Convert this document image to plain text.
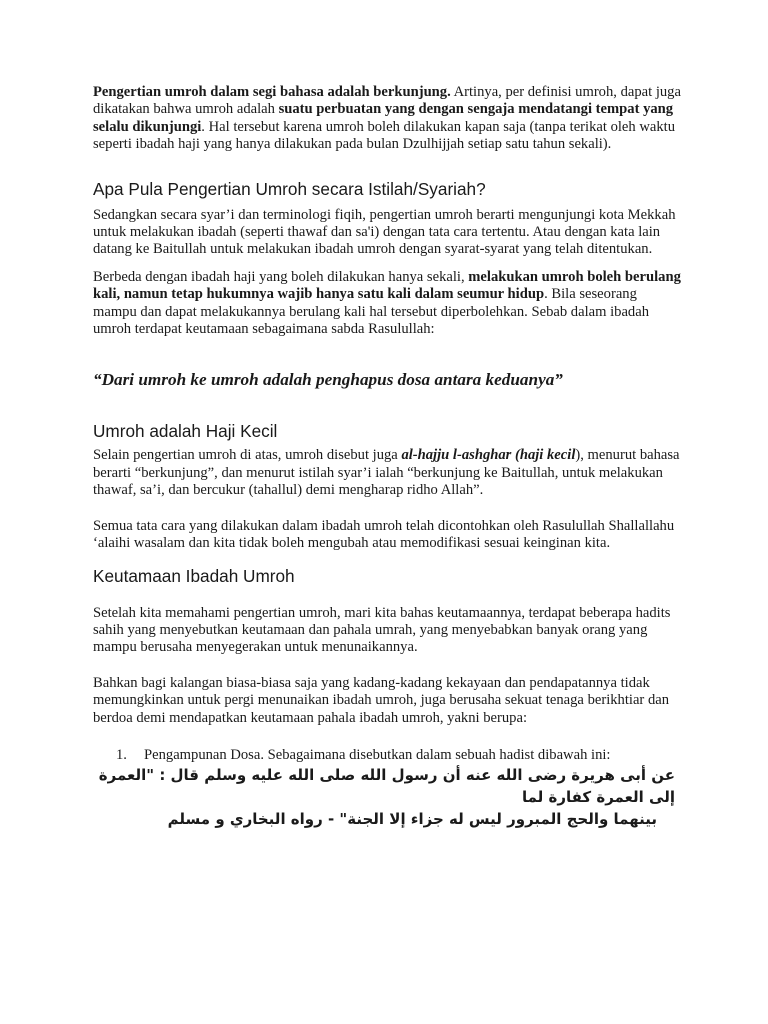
Pengertian umroh dalam segi bahasa adalah berkunjung. Artinya, per definisi umroh, dapat juga dikatakan bahwa umroh adalah suatu perbuatan yang dengan sengaja mendatangi tempat yang selalu dikunjungi. Hal tersebut karena umroh boleh dilakukan kapan saja (tanpa terikat oleh waktu seperti ibadah haji yang hanya dilakukan pada bulan Dzulhijjah setiap satu tahun sekali).

Apa Pula Pengertian Umroh secara Istilah/Syariah?

Sedangkan secara syar’i dan terminologi fiqih, pengertian umroh berarti mengunjungi kota Mekkah untuk melakukan ibadah (seperti thawaf dan sa'i) dengan tata cara tertentu. Atau dengan kata lain datang ke Baitullah untuk melakukan ibadah umroh dengan syarat-syarat yang telah ditentukan.

Berbeda dengan ibadah haji yang boleh dilakukan hanya sekali, melakukan umroh boleh berulang kali, namun tetap hukumnya wajib hanya satu kali dalam seumur hidup. Bila seseorang mampu dan dapat melakukannya berulang kali hal tersebut diperbolehkan. Sebab dalam ibadah umroh terdapat keutamaan sebagaimana sabda Rasulullah:

“Dari umroh ke umroh adalah penghapus dosa antara keduanya”
Umroh adalah Haji Kecil

Selain pengertian umroh di atas, umroh disebut juga al-hajju l-ashghar (haji kecil), menurut bahasa berarti “berkunjung”, dan menurut istilah syar’i ialah “berkunjung ke Baitullah, untuk melakukan thawaf, sa’i, dan bercukur (tahallul) demi mengharap ridho Allah”.

Semua tata cara yang dilakukan dalam ibadah umroh telah dicontohkan oleh Rasulullah Shallallahu ‘alaihi wasalam dan kita tidak boleh mengubah atau memodifikasi sesuai keinginan kita.

Keutamaan Ibadah Umroh

Setelah kita memahami pengertian umroh, mari kita bahas keutamaannya, terdapat beberapa hadits sahih yang menyebutkan keutamaan dan pahala umrah, yang menyebabkan banyak orang yang mampu berusaha menyegerakan untuk menunaikannya.

Bahkan bagi kalangan biasa-biasa saja yang kadang-kadang kekayaan dan pendapatannya tidak memungkinkan untuk pergi menunaikan ibadah umroh, juga berusaha sekuat tenaga berikhtiar dan berdoa demi mendapatkan keutamaan pahala ibadah umroh, yakni berupa:

1.	Pengampunan Dosa. Sebagaimana disebutkan dalam sebuah hadist dibawah ini:
عن أبى هريرة رضى الله عنه أن رسول الله صلى الله عليه وسلم قال : "العمرة إلى العمرة كفارة لما
بينهما والحج المبرور ليس له جزاء إلا الجنة" - رواه البخاري و مسلم
